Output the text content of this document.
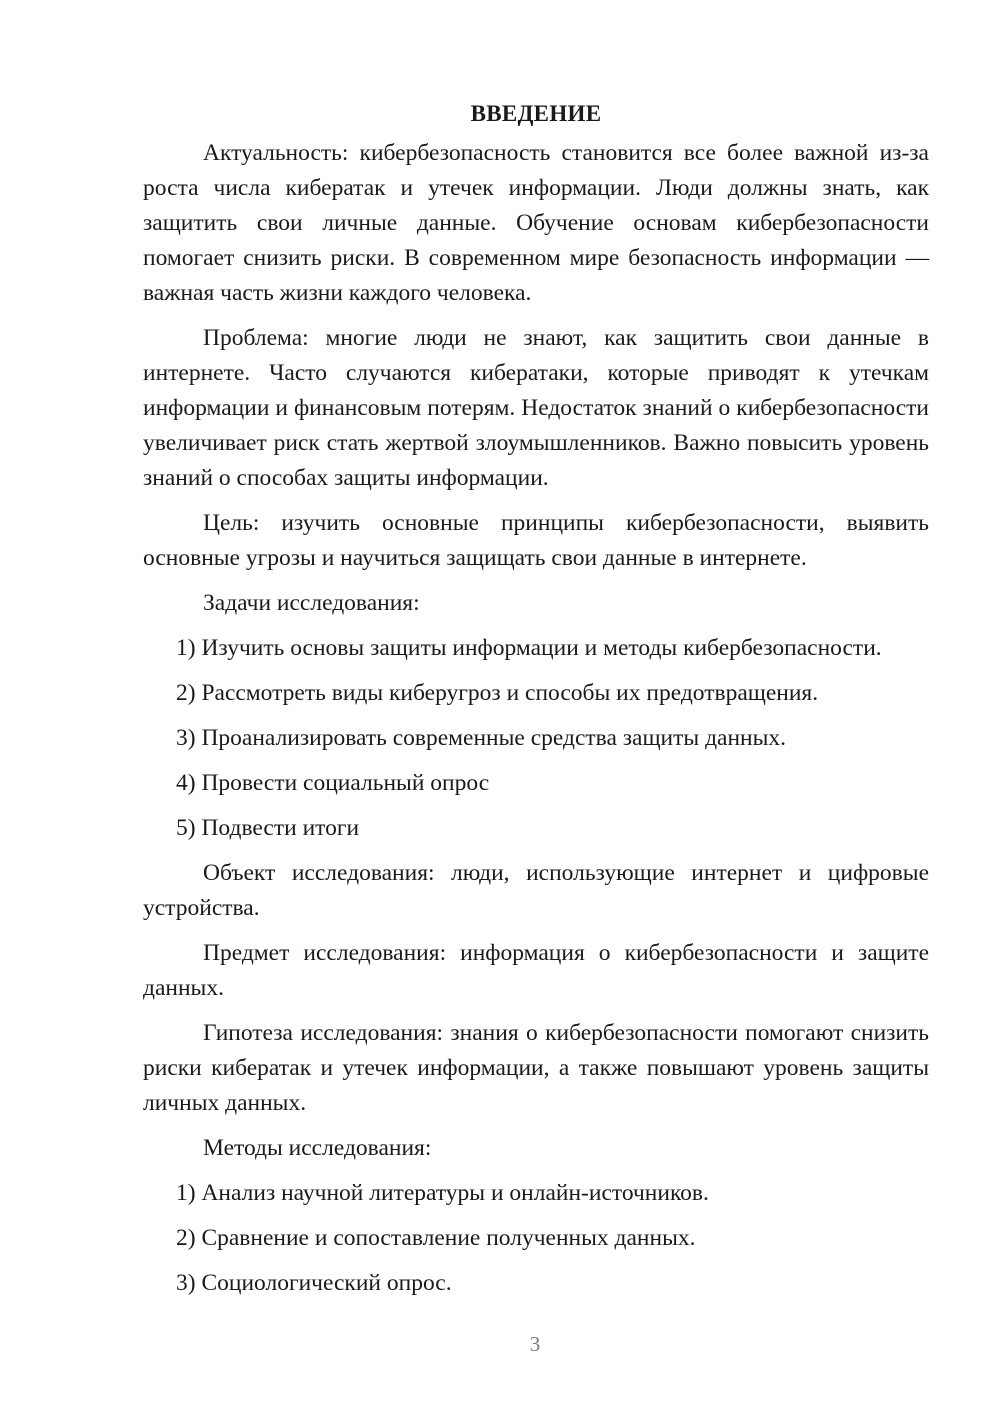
ВВЕДЕНИЕ

Актуальность: кибербезопасность становится все более важной из-за роста числа кибератак и утечек информации. Люди должны знать, как защитить свои личные данные. Обучение основам кибербезопасности помогает снизить риски. В современном мире безопасность информации — важная часть жизни каждого человека.

Проблема: многие люди не знают, как защитить свои данные в интернете. Часто случаются кибератаки, которые приводят к утечкам информации и финансовым потерям. Недостаток знаний о кибербезопасности увеличивает риск стать жертвой злоумышленников. Важно повысить уровень знаний о способах защиты информации.

Цель: изучить основные принципы кибербезопасности, выявить основные угрозы и научиться защищать свои данные в интернете.

Задачи исследования:

1) Изучить основы защиты информации и методы кибербезопасности.
2) Рассмотреть виды киберугроз и способы их предотвращения.
3) Проанализировать современные средства защиты данных.
4) Провести социальный опрос
5) Подвести итоги

Объект исследования: люди, использующие интернет и цифровые устройства.

Предмет исследования: информация о кибербезопасности и защите данных.

Гипотеза исследования: знания о кибербезопасности помогают снизить риски кибератак и утечек информации, а также повышают уровень защиты личных данных.

Методы исследования:

1) Анализ научной литературы и онлайн-источников.
2) Сравнение и сопоставление полученных данных.
3) Социологический опрос.
3
